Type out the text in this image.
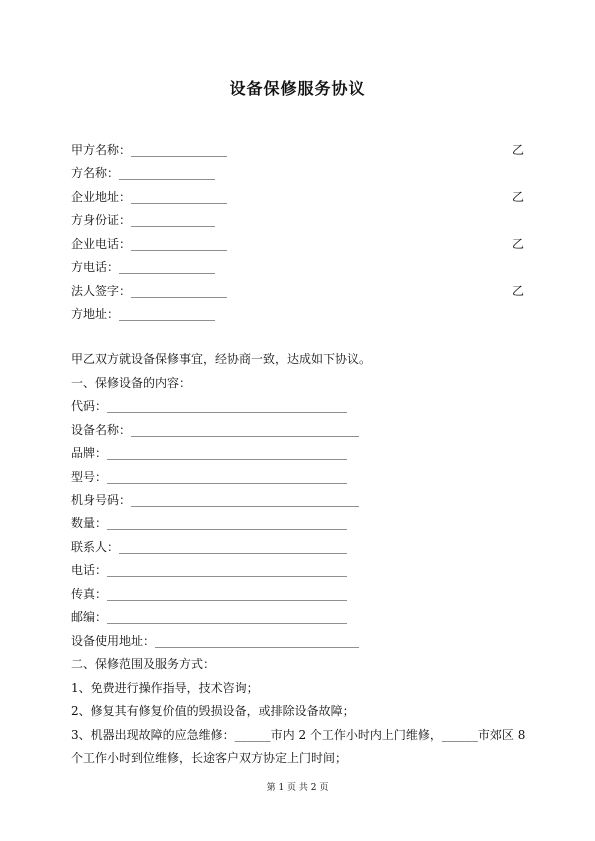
设备保修服务协议
甲方名称：________________	乙
方名称：________________
企业地址：________________	乙
方身份证：______________
企业电话：________________	乙
方电话：________________
法人签字：________________	乙
方地址：________________
甲乙双方就设备保修事宜，经协商一致，达成如下协议。
一、保修设备的内容：
代码：________________________________________
设备名称：______________________________________
品牌：________________________________________
型号：________________________________________
机身号码：______________________________________
数量：________________________________________
联系人：______________________________________
电话：________________________________________
传真：________________________________________
邮编：________________________________________
设备使用地址：__________________________________
二、保修范围及服务方式：
1、免费进行操作指导，技术咨询；
2、修复其有修复价值的毁损设备，或排除设备故障；
3、机器出现故障的应急维修：______市内 2 个工作小时内上门维修，______市郊区 8
个工作小时到位维修，长途客户双方协定上门时间；
第 1 页 共 2 页
